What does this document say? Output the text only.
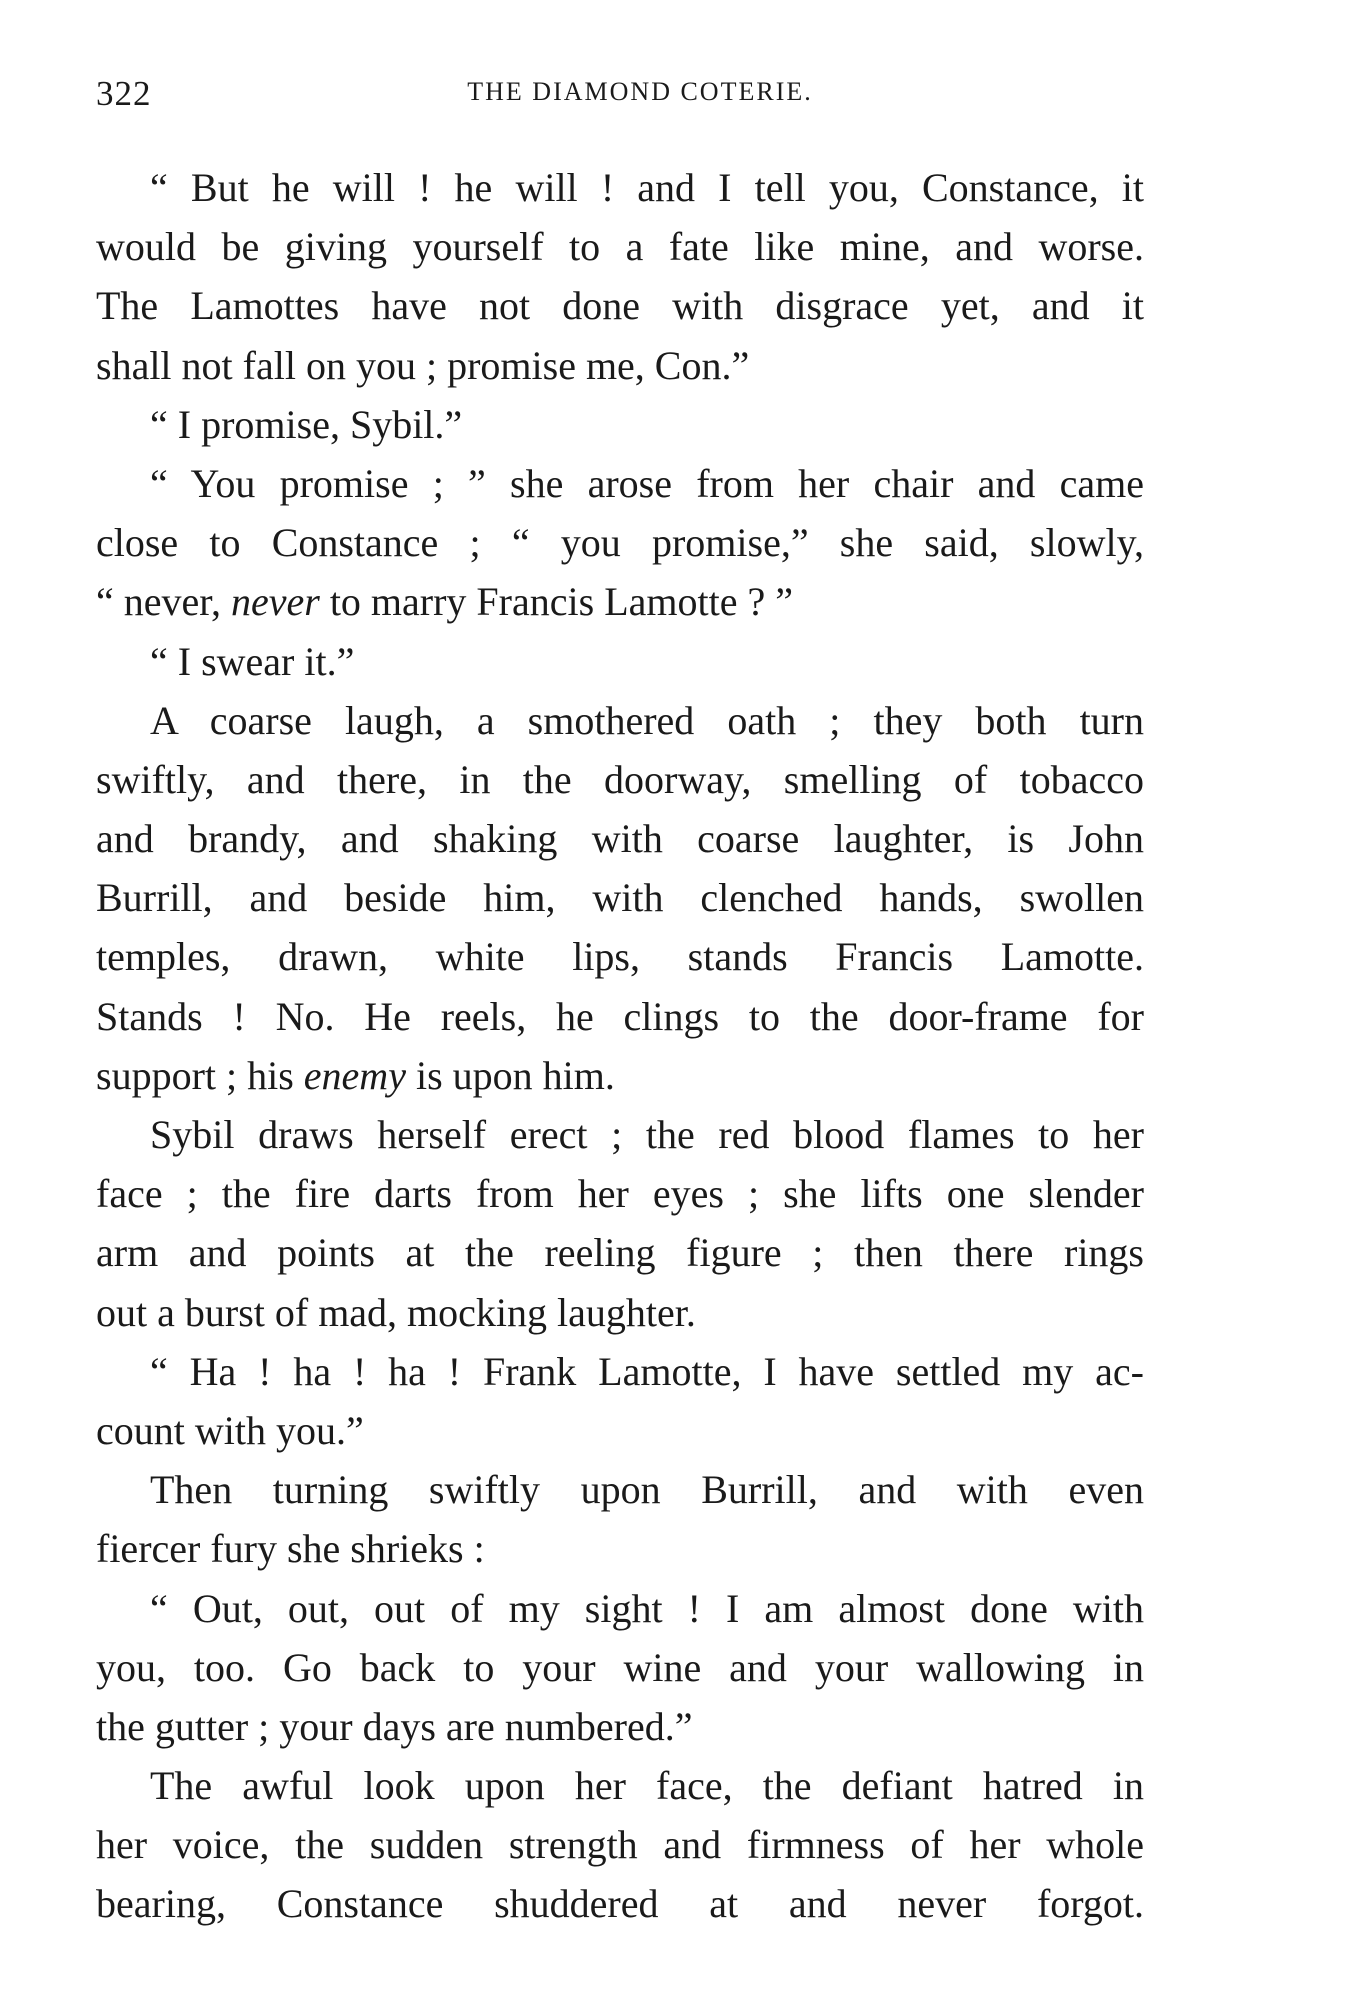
322	THE DIAMOND COTERIE.
“ But he will ! he will ! and I tell you, Constance, it
would be giving yourself to a fate like mine, and worse.
The Lamottes have not done with disgrace yet, and it
shall not fall on you ; promise me, Con.”
“ I promise, Sybil.”
“ You promise ; ” she arose from her chair and came
close to Constance ; “ you promise,” she said, slowly,
“ never, never to marry Francis Lamotte ? ”
“ I swear it.”
A coarse laugh, a smothered oath ; they both turn
swiftly, and there, in the doorway, smelling of tobacco
and brandy, and shaking with coarse laughter, is John
Burrill, and beside him, with clenched hands, swollen
temples, drawn, white lips, stands Francis Lamotte.
Stands ! No. He reels, he clings to the door-frame for
support ; his enemy is upon him.
Sybil draws herself erect ; the red blood flames to her
face ; the fire darts from her eyes ; she lifts one slender
arm and points at the reeling figure ; then there rings
out a burst of mad, mocking laughter.
“ Ha ! ha ! ha ! Frank Lamotte, I have settled my ac-
count with you.”
Then turning swiftly upon Burrill, and with even
fiercer fury she shrieks :
“ Out, out, out of my sight ! I am almost done with
you, too. Go back to your wine and your wallowing in
the gutter ; your days are numbered.”
The awful look upon her face, the defiant hatred in
her voice, the sudden strength and firmness of her whole
bearing, Constance shuddered at and never forgot.
